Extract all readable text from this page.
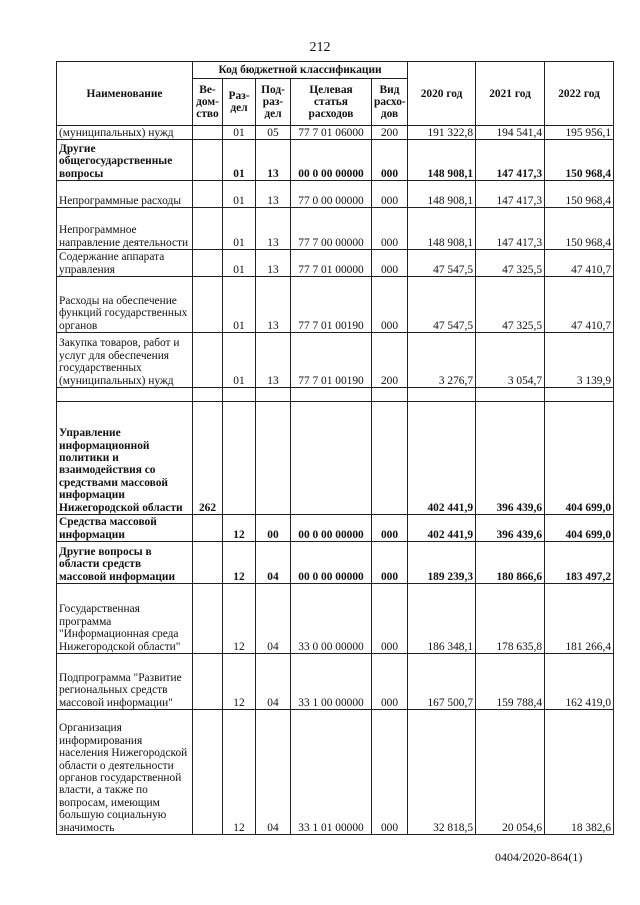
212
Наименование	Код бюджетной классификации					2020 год	2021 год	2022 год
	Ве- дом- ство	Раз- дел	Под- раз- дел	Целевая статья расходов	Вид расхо- дов			
(муниципальных) нужд		01	05	77 7 01 06000	200	191 322,8	194 541,4	195 956,1
Другие общегосударственные вопросы		01	13	00 0 00 00000	000	148 908,1	147 417,3	150 968,4
Непрограммные расходы		01	13	77 0 00 00000	000	148 908,1	147 417,3	150 968,4
Непрограммное направление деятельности		01	13	77 7 00 00000	000	148 908,1	147 417,3	150 968,4
Содержание аппарата управления		01	13	77 7 01 00000	000	47 547,5	47 325,5	47 410,7
Расходы на обеспечение функций государственных органов		01	13	77 7 01 00190	000	47 547,5	47 325,5	47 410,7
Закупка товаров, работ и услуг для обеспечения государственных (муниципальных) нужд		01	13	77 7 01 00190	200	3 276,7	3 054,7	3 139,9

Управление информационной политики и взаимодействия со средствами массовой информации Нижегородской области	262					402 441,9	396 439,6	404 699,0
Средства массовой информации		12	00	00 0 00 00000	000	402 441,9	396 439,6	404 699,0
Другие вопросы в области средств массовой информации		12	04	00 0 00 00000	000	189 239,3	180 866,6	183 497,2
Государственная программа "Информационная среда Нижегородской области"		12	04	33 0 00 00000	000	186 348,1	178 635,8	181 266,4
Подпрограмма "Развитие региональных средств массовой информации"		12	04	33 1 00 00000	000	167 500,7	159 788,4	162 419,0
Организация информирования населения Нижегородской области о деятельности органов государственной власти, а также по вопросам, имеющим большую социальную значимость		12	04	33 1 01 00000	000	32 818,5	20 054,6	18 382,6
0404/2020-864(1)
